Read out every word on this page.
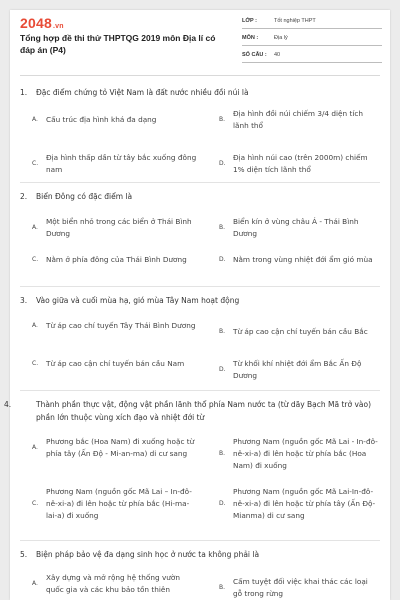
2048.vn
Tổng hợp đề thi thử THPTQG 2019 môn Địa lí có đáp án (P4)
LỚP :	Tốt nghiệp THPT
MÔN :	Địa lý
SỐ CÂU :	40
1. Đặc điểm chứng tỏ Việt Nam là đất nước nhiều đồi núi là
A.	Cấu trúc địa hình khá đa dạng	B.
Địa hình đồi núi chiếm 3/4 diện tích lãnh thổ
C.
Địa hình thấp dần từ tây bắc xuống đông nam
D.
Địa hình núi cao (trên 2000m) chiếm 1% diện tích lãnh thổ
2. Biển Đông có đặc điểm là
A.
Một biển nhỏ trong các biển ở Thái Bình Dương
B.
Biển kín ở vùng châu Á - Thái Bình Dương
C.	Nằm ở phía đông của Thái Bình Dương	D.	Nằm trong vùng nhiệt đới ẩm gió mùa
3. Vào giữa và cuối mùa hạ, gió mùa Tây Nam hoạt động
A.	Từ áp cao chí tuyến Tây Thái Bình Dương
B.	Từ áp cao cận chí tuyến bán cầu Bắc
C.	Từ áp cao cận chí tuyến bán cầu Nam
D.
Từ khối khí nhiệt đới ẩm Bắc Ấn Độ Dương
4.	Thành phần thực vật, động vật phần lãnh thổ phía Nam nước ta (từ dãy Bạch Mã trở vào) phần lớn thuộc vùng xích đạo và nhiệt đới từ
A.
Phương bắc (Hoa Nam) đi xuống hoặc từ phía tây (Ấn Độ - Mi-an-ma) di cư sang	B.
Phương Nam (nguồn gốc Mã Lai - In-đô-nê-xi-a) đi lên hoặc từ phía bắc (Hoa Nam) đi xuống
C.
Phương Nam (nguồn gốc Mã Lai – In-đô-nê-xi-a) đi lên hoặc từ phía bắc (Hi-ma-lai-a) đi xuống
D.
Phương Nam (nguồn gốc Mã Lai-In-đô-nê-xi-a) đi lên hoặc từ phía tây (Ấn Độ-Mianma) di cư sang
5. Biện pháp bảo vệ đa dạng sinh học ở nước ta không phải là
A.
Xây dựng và mở rộng hệ thống vườn quốc gia và các khu bảo tồn thiên	B.
Cấm tuyệt đối việc khai thác các loại gỗ trong rừng
